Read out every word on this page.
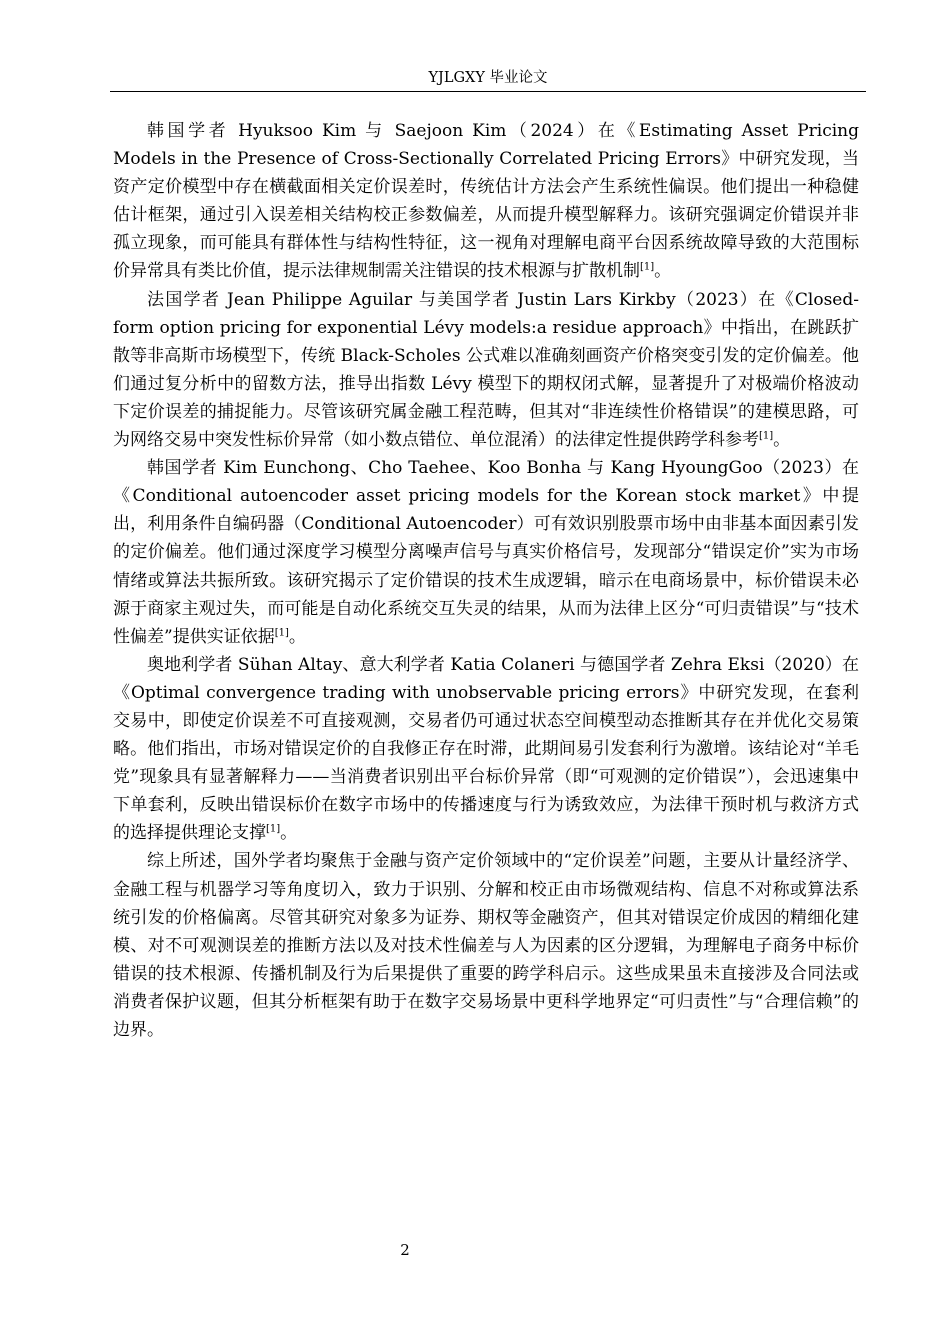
YJLGXY 毕业论文

韩国学者 Hyuksoo Kim 与 Saejoon Kim（2024）在《Estimating Asset Pricing Models in the Presence of Cross-Sectionally Correlated Pricing Errors》中研究发现，当资产定价模型中存在横截面相关定价误差时，传统估计方法会产生系统性偏误。他们提出一种稳健估计框架，通过引入误差相关结构校正参数偏差，从而提升模型解释力。该研究强调定价错误并非孤立现象，而可能具有群体性与结构性特征，这一视角对理解电商平台因系统故障导致的大范围标价异常具有类比价值，提示法律规制需关注错误的技术根源与扩散机制[1]。

法国学者 Jean Philippe Aguilar 与美国学者 Justin Lars Kirkby（2023）在《Closed-form option pricing for exponential Lévy models:a residue approach》中指出，在跳跃扩散等非高斯市场模型下，传统 Black-Scholes 公式难以准确刻画资产价格突变引发的定价偏差。他们通过复分析中的留数方法，推导出指数 Lévy 模型下的期权闭式解，显著提升了对极端价格波动下定价误差的捕捉能力。尽管该研究属金融工程范畴，但其对“非连续性价格错误”的建模思路，可为网络交易中突发性标价异常（如小数点错位、单位混淆）的法律定性提供跨学科参考[1]。

韩国学者 Kim Eunchong、Cho Taehee、Koo Bonha 与 Kang HyoungGoo（2023）在《Conditional autoencoder asset pricing models for the Korean stock market》中提出，利用条件自编码器（Conditional Autoencoder）可有效识别股票市场中由非基本面因素引发的定价偏差。他们通过深度学习模型分离噪声信号与真实价格信号，发现部分“错误定价”实为市场情绪或算法共振所致。该研究揭示了定价错误的技术生成逻辑，暗示在电商场景中，标价错误未必源于商家主观过失，而可能是自动化系统交互失灵的结果，从而为法律上区分“可归责错误”与“技术性偏差”提供实证依据[1]。

奥地利学者 Sühan Altay、意大利学者 Katia Colaneri 与德国学者 Zehra Eksi（2020）在《Optimal convergence trading with unobservable pricing errors》中研究发现，在套利交易中，即使定价误差不可直接观测，交易者仍可通过状态空间模型动态推断其存在并优化交易策略。他们指出，市场对错误定价的自我修正存在时滞，此期间易引发套利行为激增。该结论对“羊毛党”现象具有显著解释力——当消费者识别出平台标价异常（即“可观测的定价错误”），会迅速集中下单套利，反映出错误标价在数字市场中的传播速度与行为诱致效应，为法律干预时机与救济方式的选择提供理论支撑[1]。

综上所述，国外学者均聚焦于金融与资产定价领域中的“定价误差”问题，主要从计量经济学、金融工程与机器学习等角度切入，致力于识别、分解和校正由市场微观结构、信息不对称或算法系统引发的价格偏离。尽管其研究对象多为证券、期权等金融资产，但其对错误定价成因的精细化建模、对不可观测误差的推断方法以及对技术性偏差与人为因素的区分逻辑，为理解电子商务中标价错误的技术根源、传播机制及行为后果提供了重要的跨学科启示。这些成果虽未直接涉及合同法或消费者保护议题，但其分析框架有助于在数字交易场景中更科学地界定“可归责性”与“合理信赖”的边界。

2
